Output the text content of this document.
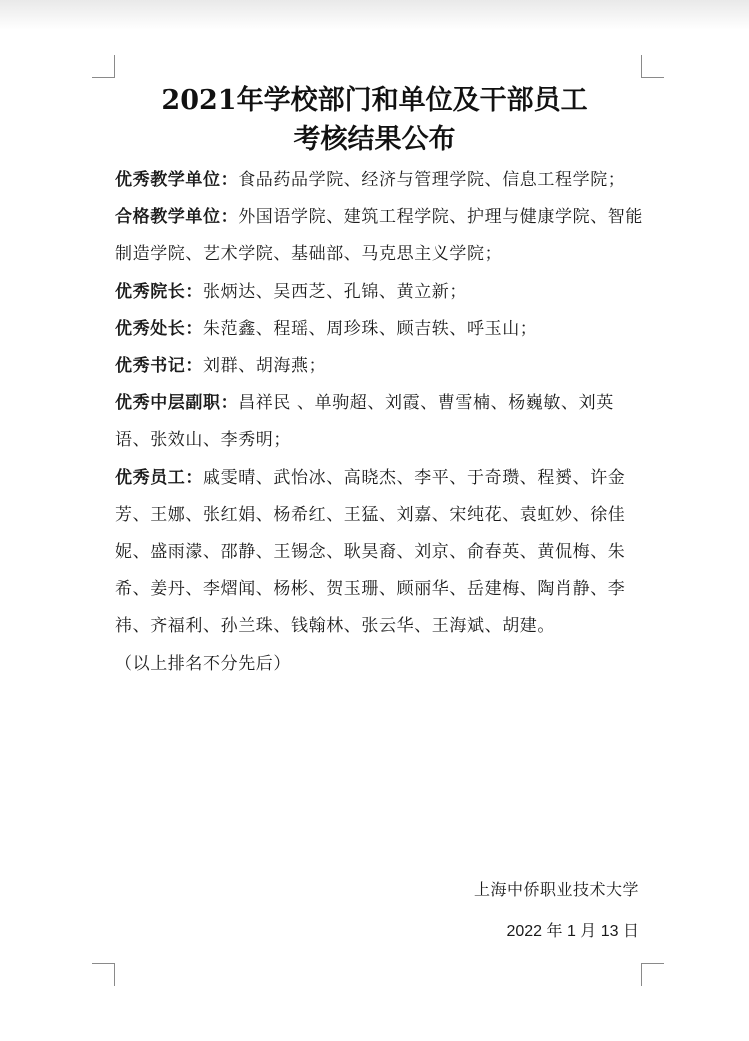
2021年学校部门和单位及干部员工
考核结果公布

优秀教学单位：食品药品学院、经济与管理学院、信息工程学院；

合格教学单位：外国语学院、建筑工程学院、护理与健康学院、智能制造学院、艺术学院、基础部、马克思主义学院；

优秀院长：张炳达、吴西芝、孔锦、黄立新；

优秀处长：朱范鑫、程瑶、周珍珠、顾吉轶、呼玉山；

优秀书记：刘群、胡海燕；

优秀中层副职：昌祥民 、单驹超、刘霞、曹雪楠、杨巍敏、刘英语、张效山、李秀明；

优秀员工：戚雯晴、武怡冰、高晓杰、李平、于奇瓒、程赟、许金芳、王娜、张红娟、杨希红、王猛、刘嘉、宋纯花、袁虹妙、徐佳妮、盛雨濛、邵静、王锡念、耿昊裔、刘京、俞春英、黄侃梅、朱希、姜丹、李熠闻、杨彬、贺玉珊、顾丽华、岳建梅、陶肖静、李祎、齐福利、孙兰珠、钱翰林、张云华、王海斌、胡建。

（以上排名不分先后）

上海中侨职业技术大学
2022 年 1 月 13 日
